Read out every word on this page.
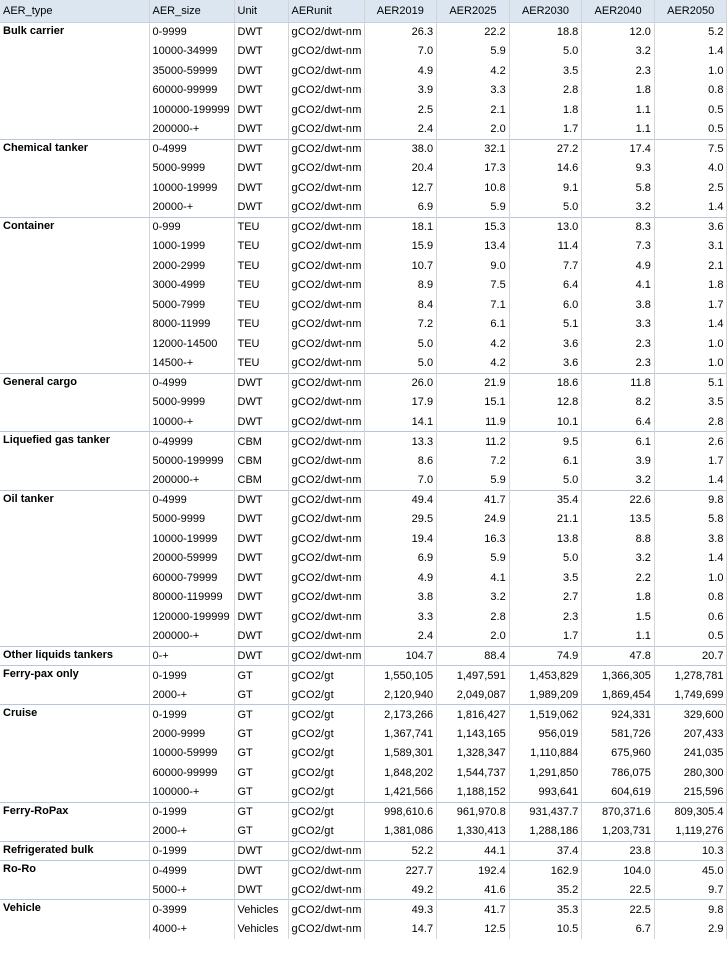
AER_type	AER_size	Unit	AERunit	AER2019	AER2025	AER2030	AER2040	AER2050
Bulk carrier	0-9999	DWT	gCO2/dwt-nm	26.3	22.2	18.8	12.0	5.2
	10000-34999	DWT	gCO2/dwt-nm	7.0	5.9	5.0	3.2	1.4
	35000-59999	DWT	gCO2/dwt-nm	4.9	4.2	3.5	2.3	1.0
	60000-99999	DWT	gCO2/dwt-nm	3.9	3.3	2.8	1.8	0.8
	100000-199999	DWT	gCO2/dwt-nm	2.5	2.1	1.8	1.1	0.5
	200000-+	DWT	gCO2/dwt-nm	2.4	2.0	1.7	1.1	0.5
Chemical tanker	0-4999	DWT	gCO2/dwt-nm	38.0	32.1	27.2	17.4	7.5
	5000-9999	DWT	gCO2/dwt-nm	20.4	17.3	14.6	9.3	4.0
	10000-19999	DWT	gCO2/dwt-nm	12.7	10.8	9.1	5.8	2.5
	20000-+	DWT	gCO2/dwt-nm	6.9	5.9	5.0	3.2	1.4
Container	0-999	TEU	gCO2/dwt-nm	18.1	15.3	13.0	8.3	3.6
	1000-1999	TEU	gCO2/dwt-nm	15.9	13.4	11.4	7.3	3.1
	2000-2999	TEU	gCO2/dwt-nm	10.7	9.0	7.7	4.9	2.1
	3000-4999	TEU	gCO2/dwt-nm	8.9	7.5	6.4	4.1	1.8
	5000-7999	TEU	gCO2/dwt-nm	8.4	7.1	6.0	3.8	1.7
	8000-11999	TEU	gCO2/dwt-nm	7.2	6.1	5.1	3.3	1.4
	12000-14500	TEU	gCO2/dwt-nm	5.0	4.2	3.6	2.3	1.0
	14500-+	TEU	gCO2/dwt-nm	5.0	4.2	3.6	2.3	1.0
General cargo	0-4999	DWT	gCO2/dwt-nm	26.0	21.9	18.6	11.8	5.1
	5000-9999	DWT	gCO2/dwt-nm	17.9	15.1	12.8	8.2	3.5
	10000-+	DWT	gCO2/dwt-nm	14.1	11.9	10.1	6.4	2.8
Liquefied gas tanker	0-49999	CBM	gCO2/dwt-nm	13.3	11.2	9.5	6.1	2.6
	50000-199999	CBM	gCO2/dwt-nm	8.6	7.2	6.1	3.9	1.7
	200000-+	CBM	gCO2/dwt-nm	7.0	5.9	5.0	3.2	1.4
Oil tanker	0-4999	DWT	gCO2/dwt-nm	49.4	41.7	35.4	22.6	9.8
	5000-9999	DWT	gCO2/dwt-nm	29.5	24.9	21.1	13.5	5.8
	10000-19999	DWT	gCO2/dwt-nm	19.4	16.3	13.8	8.8	3.8
	20000-59999	DWT	gCO2/dwt-nm	6.9	5.9	5.0	3.2	1.4
	60000-79999	DWT	gCO2/dwt-nm	4.9	4.1	3.5	2.2	1.0
	80000-119999	DWT	gCO2/dwt-nm	3.8	3.2	2.7	1.8	0.8
	120000-199999	DWT	gCO2/dwt-nm	3.3	2.8	2.3	1.5	0.6
	200000-+	DWT	gCO2/dwt-nm	2.4	2.0	1.7	1.1	0.5
Other liquids tankers	0-+	DWT	gCO2/dwt-nm	104.7	88.4	74.9	47.8	20.7
Ferry-pax only	0-1999	GT	gCO2/gt	1,550,105	1,497,591	1,453,829	1,366,305	1,278,781
	2000-+	GT	gCO2/gt	2,120,940	2,049,087	1,989,209	1,869,454	1,749,699
Cruise	0-1999	GT	gCO2/gt	2,173,266	1,816,427	1,519,062	924,331	329,600
	2000-9999	GT	gCO2/gt	1,367,741	1,143,165	956,019	581,726	207,433
	10000-59999	GT	gCO2/gt	1,589,301	1,328,347	1,110,884	675,960	241,035
	60000-99999	GT	gCO2/gt	1,848,202	1,544,737	1,291,850	786,075	280,300
	100000-+	GT	gCO2/gt	1,421,566	1,188,152	993,641	604,619	215,596
Ferry-RoPax	0-1999	GT	gCO2/gt	998,610.6	961,970.8	931,437.7	870,371.6	809,305.4
	2000-+	GT	gCO2/gt	1,381,086	1,330,413	1,288,186	1,203,731	1,119,276
Refrigerated bulk	0-1999	DWT	gCO2/dwt-nm	52.2	44.1	37.4	23.8	10.3
Ro-Ro	0-4999	DWT	gCO2/dwt-nm	227.7	192.4	162.9	104.0	45.0
	5000-+	DWT	gCO2/dwt-nm	49.2	41.6	35.2	22.5	9.7
Vehicle	0-3999	Vehicles	gCO2/dwt-nm	49.3	41.7	35.3	22.5	9.8
	4000-+	Vehicles	gCO2/dwt-nm	14.7	12.5	10.5	6.7	2.9
